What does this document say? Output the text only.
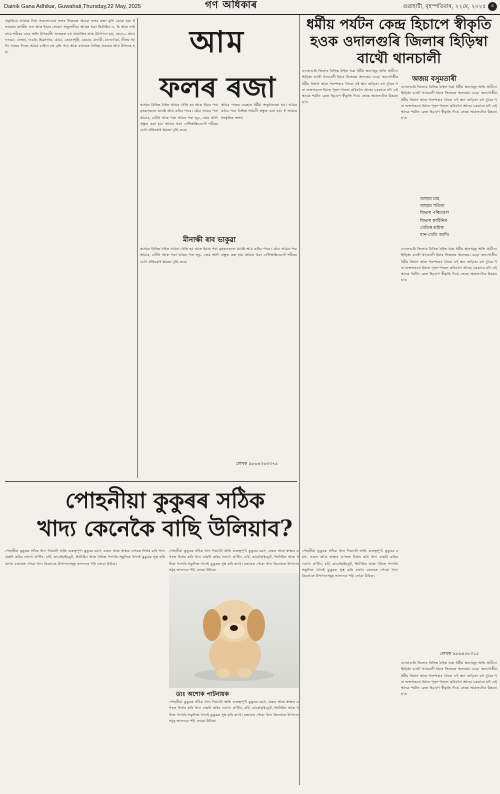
Dainik Gana Adhikar, Guwahati,Thursday,22 May, 2025	গণ অধিকাৰ	গুৱাহাটী, বৃহস্পতিবাৰ, ২২মে, ২০২৫ ৪
আম
ফলৰ ৰজা
প্ৰকৃতিয়ে আমাক দিয়া সকলোবোৰ ফলৰ ভিতৰত আমক ফলৰ ৰজা বুলি কোৱা হয়। ই ভাৰতৰ জাতীয় ফল আৰু ইয়াৰ সোৱাদ অতুলনীয়। আমত থকা ভিটামিন এ, চি আৰু ফাইবাৰে শৰীৰৰ বাবে অতি উপকাৰী। ভাৰতত বহু প্ৰজাতিৰ আম উৎপাদন হয়; যেনে— আলফনচো, লেংৰা, দচেৰি, হিমসাগৰ, চৌচা, তোতাপুৰী, কেচাৰ, বাদামী, মালগোৱা, নীলম আদি। গৰমৰ দিনত আমৰ চাহিদা বহু বৃদ্ধি পায় আৰু বজাৰত বিভিন্ন প্ৰকাৰৰ আম উপলব্ধ হয়।
অসমৰ বিভিন্ন ঠাইত আমৰ খেতি হয় আৰু ইয়াৰ পৰা কৃষকসকলে যথেষ্ট আয় কৰিব পাৰে। কেঁচা আমৰ পৰা আচাৰ, চাটনি আৰু পকা আমৰ পৰা জুচ, জেম আদি প্ৰস্তুত কৰা হয়। আমত থকা এণ্টিঅক্সিডেণ্টে শৰীৰৰ ৰোগ প্ৰতিৰোধ ক্ষমতা বৃদ্ধি কৰে।
আমৰ পাতৰ ব্যৱহাৰ ধৰ্মীয় অনুষ্ঠানতো হয়। আমৰ কাঠৰ পৰা বিভিন্ন সামগ্ৰী প্ৰস্তুত কৰা হয়। ই আমাৰ সংস্কৃতিৰ অংশ।
মীনাক্ষী ৰাব ভাকুৱা
অসমৰ বিভিন্ন ঠাইত আমৰ খেতি হয় আৰু ইয়াৰ পৰা কৃষকসকলে যথেষ্ট আয় কৰিব পাৰে। কেঁচা আমৰ পৰা আচাৰ, চাটনি আৰু পকা আমৰ পৰা জুচ, জেম আদি প্ৰস্তুত কৰা হয়। আমত থকা এণ্টিঅক্সিডেণ্টে শৰীৰৰ ৰোগ প্ৰতিৰোধ ক্ষমতা বৃদ্ধি কৰে।
লেখক ৯৮৬৪০৬৩৩৭৫
ধৰ্মীয় পৰ্যটন কেন্দ্ৰ হিচাপে স্বীকৃতি হওক ওদালগুৰি জিলাৰ হিড়িম্বা বাথৌ থানচালী
অজয় বসুমতাৰী
ওদালগুৰি জিলাৰ বিভিন্ন ঠাইত থকা ধৰ্মীয় স্থানসমূহ অতি প্ৰাচীন। হিড়িম্বা বাথৌ থানচালী ইয়াৰ ভিতৰত অন্যতম। বড়ো জনগোষ্ঠীৰ ধৰ্মীয় বিশ্বাস আৰু পৰম্পৰাৰ সৈতে এই স্থান জড়িত। বহু দূৰৈৰ পৰা ভক্তসকলে ইয়াত পূজা-পাতল কৰিবলৈ আহে। চৰকাৰে যদি এই স্থানক পৰ্যটন কেন্দ্ৰ হিচাপে স্বীকৃতি দিয়ে তেন্তে অঞ্চলটোৰ উন্নয়ন হ'ব।
ওদালগুৰি জিলাৰ বিভিন্ন ঠাইত থকা ধৰ্মীয় স্থানসমূহ অতি প্ৰাচীন। হিড়িম্বা বাথৌ থানচালী ইয়াৰ ভিতৰত অন্যতম। বড়ো জনগোষ্ঠীৰ ধৰ্মীয় বিশ্বাস আৰু পৰম্পৰাৰ সৈতে এই স্থান জড়িত। বহু দূৰৈৰ পৰা ভক্তসকলে ইয়াত পূজা-পাতল কৰিবলৈ আহে। চৰকাৰে যদি এই স্থানক পৰ্যটন কেন্দ্ৰ হিচাপে স্বীকৃতি দিয়ে তেন্তে অঞ্চলটোৰ উন্নয়ন হ'ব।
আছাম চাহ
আছাম শতিমা
বিভাৰ পৰিমণ্ডল
বিভাৰ কাঠিনিৰ
খেতিৰ শ্ৰমিক
ধান-খেতি আদি।
ওদালগুৰি জিলাৰ বিভিন্ন ঠাইত থকা ধৰ্মীয় স্থানসমূহ অতি প্ৰাচীন। হিড়িম্বা বাথৌ থানচালী ইয়াৰ ভিতৰত অন্যতম। বড়ো জনগোষ্ঠীৰ ধৰ্মীয় বিশ্বাস আৰু পৰম্পৰাৰ সৈতে এই স্থান জড়িত। বহু দূৰৈৰ পৰা ভক্তসকলে ইয়াত পূজা-পাতল কৰিবলৈ আহে। চৰকাৰে যদি এই স্থানক পৰ্যটন কেন্দ্ৰ হিচাপে স্বীকৃতি দিয়ে তেন্তে অঞ্চলটোৰ উন্নয়ন হ'ব।
লেখক ৯৮৬৪৫৮৩১৫
ওদালগুৰি জিলাৰ বিভিন্ন ঠাইত থকা ধৰ্মীয় স্থানসমূহ অতি প্ৰাচীন। হিড়িম্বা বাথৌ থানচালী ইয়াৰ ভিতৰত অন্যতম। বড়ো জনগোষ্ঠীৰ ধৰ্মীয় বিশ্বাস আৰু পৰম্পৰাৰ সৈতে এই স্থান জড়িত। বহু দূৰৈৰ পৰা ভক্তসকলে ইয়াত পূজা-পাতল কৰিবলৈ আহে। চৰকাৰে যদি এই স্থানক পৰ্যটন কেন্দ্ৰ হিচাপে স্বীকৃতি দিয়ে তেন্তে অঞ্চলটোৰ উন্নয়ন হ'ব।
পোহনীয়া কুকুৰৰ সঠিক
খাদ্য কেনেকৈ বাছি উলিয়াব?
পোহনীয়া কুকুৰক সঠিক খাদ্য দিয়াটো অতি গুৰুত্বপূৰ্ণ। কুকুৰৰ বয়স, ওজন আৰু স্বাস্থ্যৰ ওপৰত নিৰ্ভৰ কৰি খাদ্য বাছনি কৰিব লাগে। প্ৰ'টিন, চৰ্বি, কাৰ্বোহাইড্ৰেট, ভিটামিন আৰু খনিজ পদাৰ্থৰ সন্তুলিত খাদ্যই কুকুৰক সুস্থ কৰি ৰাখে। বজাৰত পোৱা খাদ্য কিনোতে উপাদানসমূহ ভালদৰে পঢ়ি লোৱা উচিত।
পোহনীয়া কুকুৰক সঠিক খাদ্য দিয়াটো অতি গুৰুত্বপূৰ্ণ। কুকুৰৰ বয়স, ওজন আৰু স্বাস্থ্যৰ ওপৰত নিৰ্ভৰ কৰি খাদ্য বাছনি কৰিব লাগে। প্ৰ'টিন, চৰ্বি, কাৰ্বোহাইড্ৰেট, ভিটামিন আৰু খনিজ পদাৰ্থৰ সন্তুলিত খাদ্যই কুকুৰক সুস্থ কৰি ৰাখে। বজাৰত পোৱা খাদ্য কিনোতে উপাদানসমূহ ভালদৰে পঢ়ি লোৱা উচিত।
ডাঃ অশোক পাটনায়ক
পোহনীয়া কুকুৰক সঠিক খাদ্য দিয়াটো অতি গুৰুত্বপূৰ্ণ। কুকুৰৰ বয়স, ওজন আৰু স্বাস্থ্যৰ ওপৰত নিৰ্ভৰ কৰি খাদ্য বাছনি কৰিব লাগে। প্ৰ'টিন, চৰ্বি, কাৰ্বোহাইড্ৰেট, ভিটামিন আৰু খনিজ পদাৰ্থৰ সন্তুলিত খাদ্যই কুকুৰক সুস্থ কৰি ৰাখে। বজাৰত পোৱা খাদ্য কিনোতে উপাদানসমূহ ভালদৰে পঢ়ি লোৱা উচিত।
পোহনীয়া কুকুৰক সঠিক খাদ্য দিয়াটো অতি গুৰুত্বপূৰ্ণ। কুকুৰৰ বয়স, ওজন আৰু স্বাস্থ্যৰ ওপৰত নিৰ্ভৰ কৰি খাদ্য বাছনি কৰিব লাগে। প্ৰ'টিন, চৰ্বি, কাৰ্বোহাইড্ৰেট, ভিটামিন আৰু খনিজ পদাৰ্থৰ সন্তুলিত খাদ্যই কুকুৰক সুস্থ কৰি ৰাখে। বজাৰত পোৱা খাদ্য কিনোতে উপাদানসমূহ ভালদৰে পঢ়ি লোৱা উচিত।
